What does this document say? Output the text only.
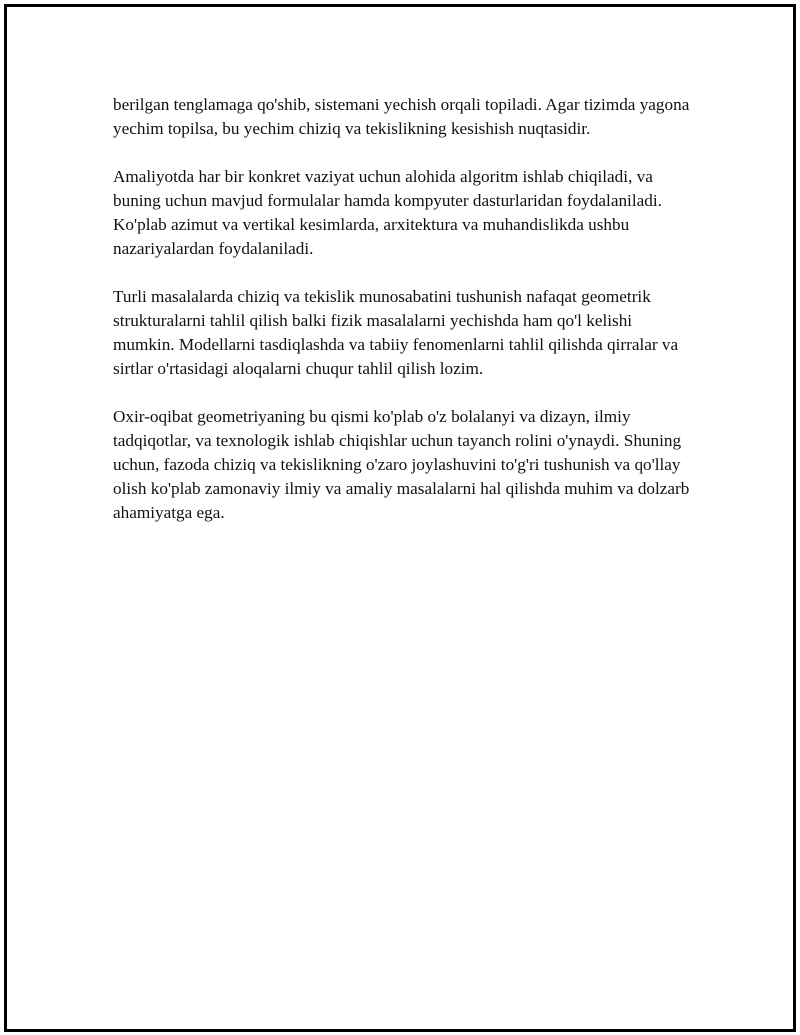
berilgan tenglamaga qo'shib, sistemani yechish orqali topiladi. Agar tizimda yagona yechim topilsa, bu yechim chiziq va tekislikning kesishish nuqtasidir.

Amaliyotda har bir konkret vaziyat uchun alohida algoritm ishlab chiqiladi, va buning uchun mavjud formulalar hamda kompyuter dasturlaridan foydalaniladi. Ko'plab azimut va vertikal kesimlarda, arxitektura va muhandislikda ushbu nazariyalardan foydalaniladi.

Turli masalalarda chiziq va tekislik munosabatini tushunish nafaqat geometrik strukturalarni tahlil qilish balki fizik masalalarni yechishda ham qo'l kelishi mumkin. Modellarni tasdiqlashda va tabiiy fenomenlarni tahlil qilishda qirralar va sirtlar o'rtasidagi aloqalarni chuqur tahlil qilish lozim.

Oxir-oqibat geometriyaning bu qismi ko'plab o'z bolalanyi va dizayn, ilmiy tadqiqotlar, va texnologik ishlab chiqishlar uchun tayanch rolini o'ynaydi. Shuning uchun, fazoda chiziq va tekislikning o'zaro joylashuvini to'g'ri tushunish va qo'llay olish ko'plab zamonaviy ilmiy va amaliy masalalarni hal qilishda muhim va dolzarb ahamiyatga ega.
